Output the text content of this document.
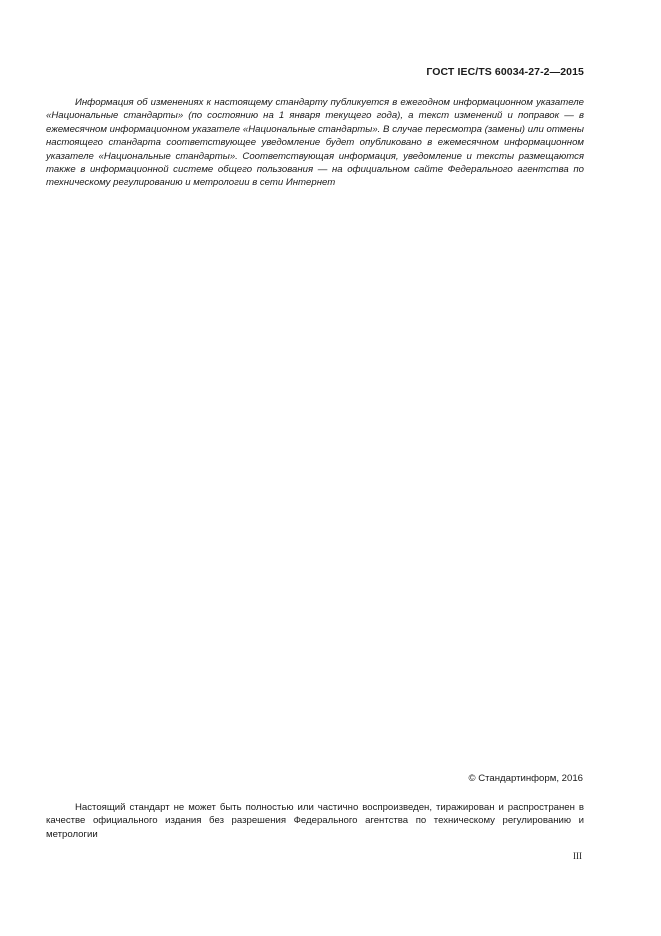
ГОСТ IEC/TS 60034-27-2—2015

Информация об изменениях к настоящему стандарту публикуется в ежегодном информационном указателе «Национальные стандарты» (по состоянию на 1 января текущего года), а текст изменений и поправок — в ежемесячном информационном указателе «Национальные стандарты». В случае пересмотра (замены) или отмены настоящего стандарта соответствующее уведомление будет опубликовано в ежемесячном информационном указателе «Национальные стандарты». Соответствующая информация, уведомление и тексты размещаются также в информационной системе общего пользования — на официальном сайте Федерального агентства по техническому регулированию и метрологии в сети Интернет

© Стандартинформ, 2016

Настоящий стандарт не может быть полностью или частично воспроизведен, тиражирован и распространен в качестве официального издания без разрешения Федерального агентства по техническому регулированию и метрологии

III
